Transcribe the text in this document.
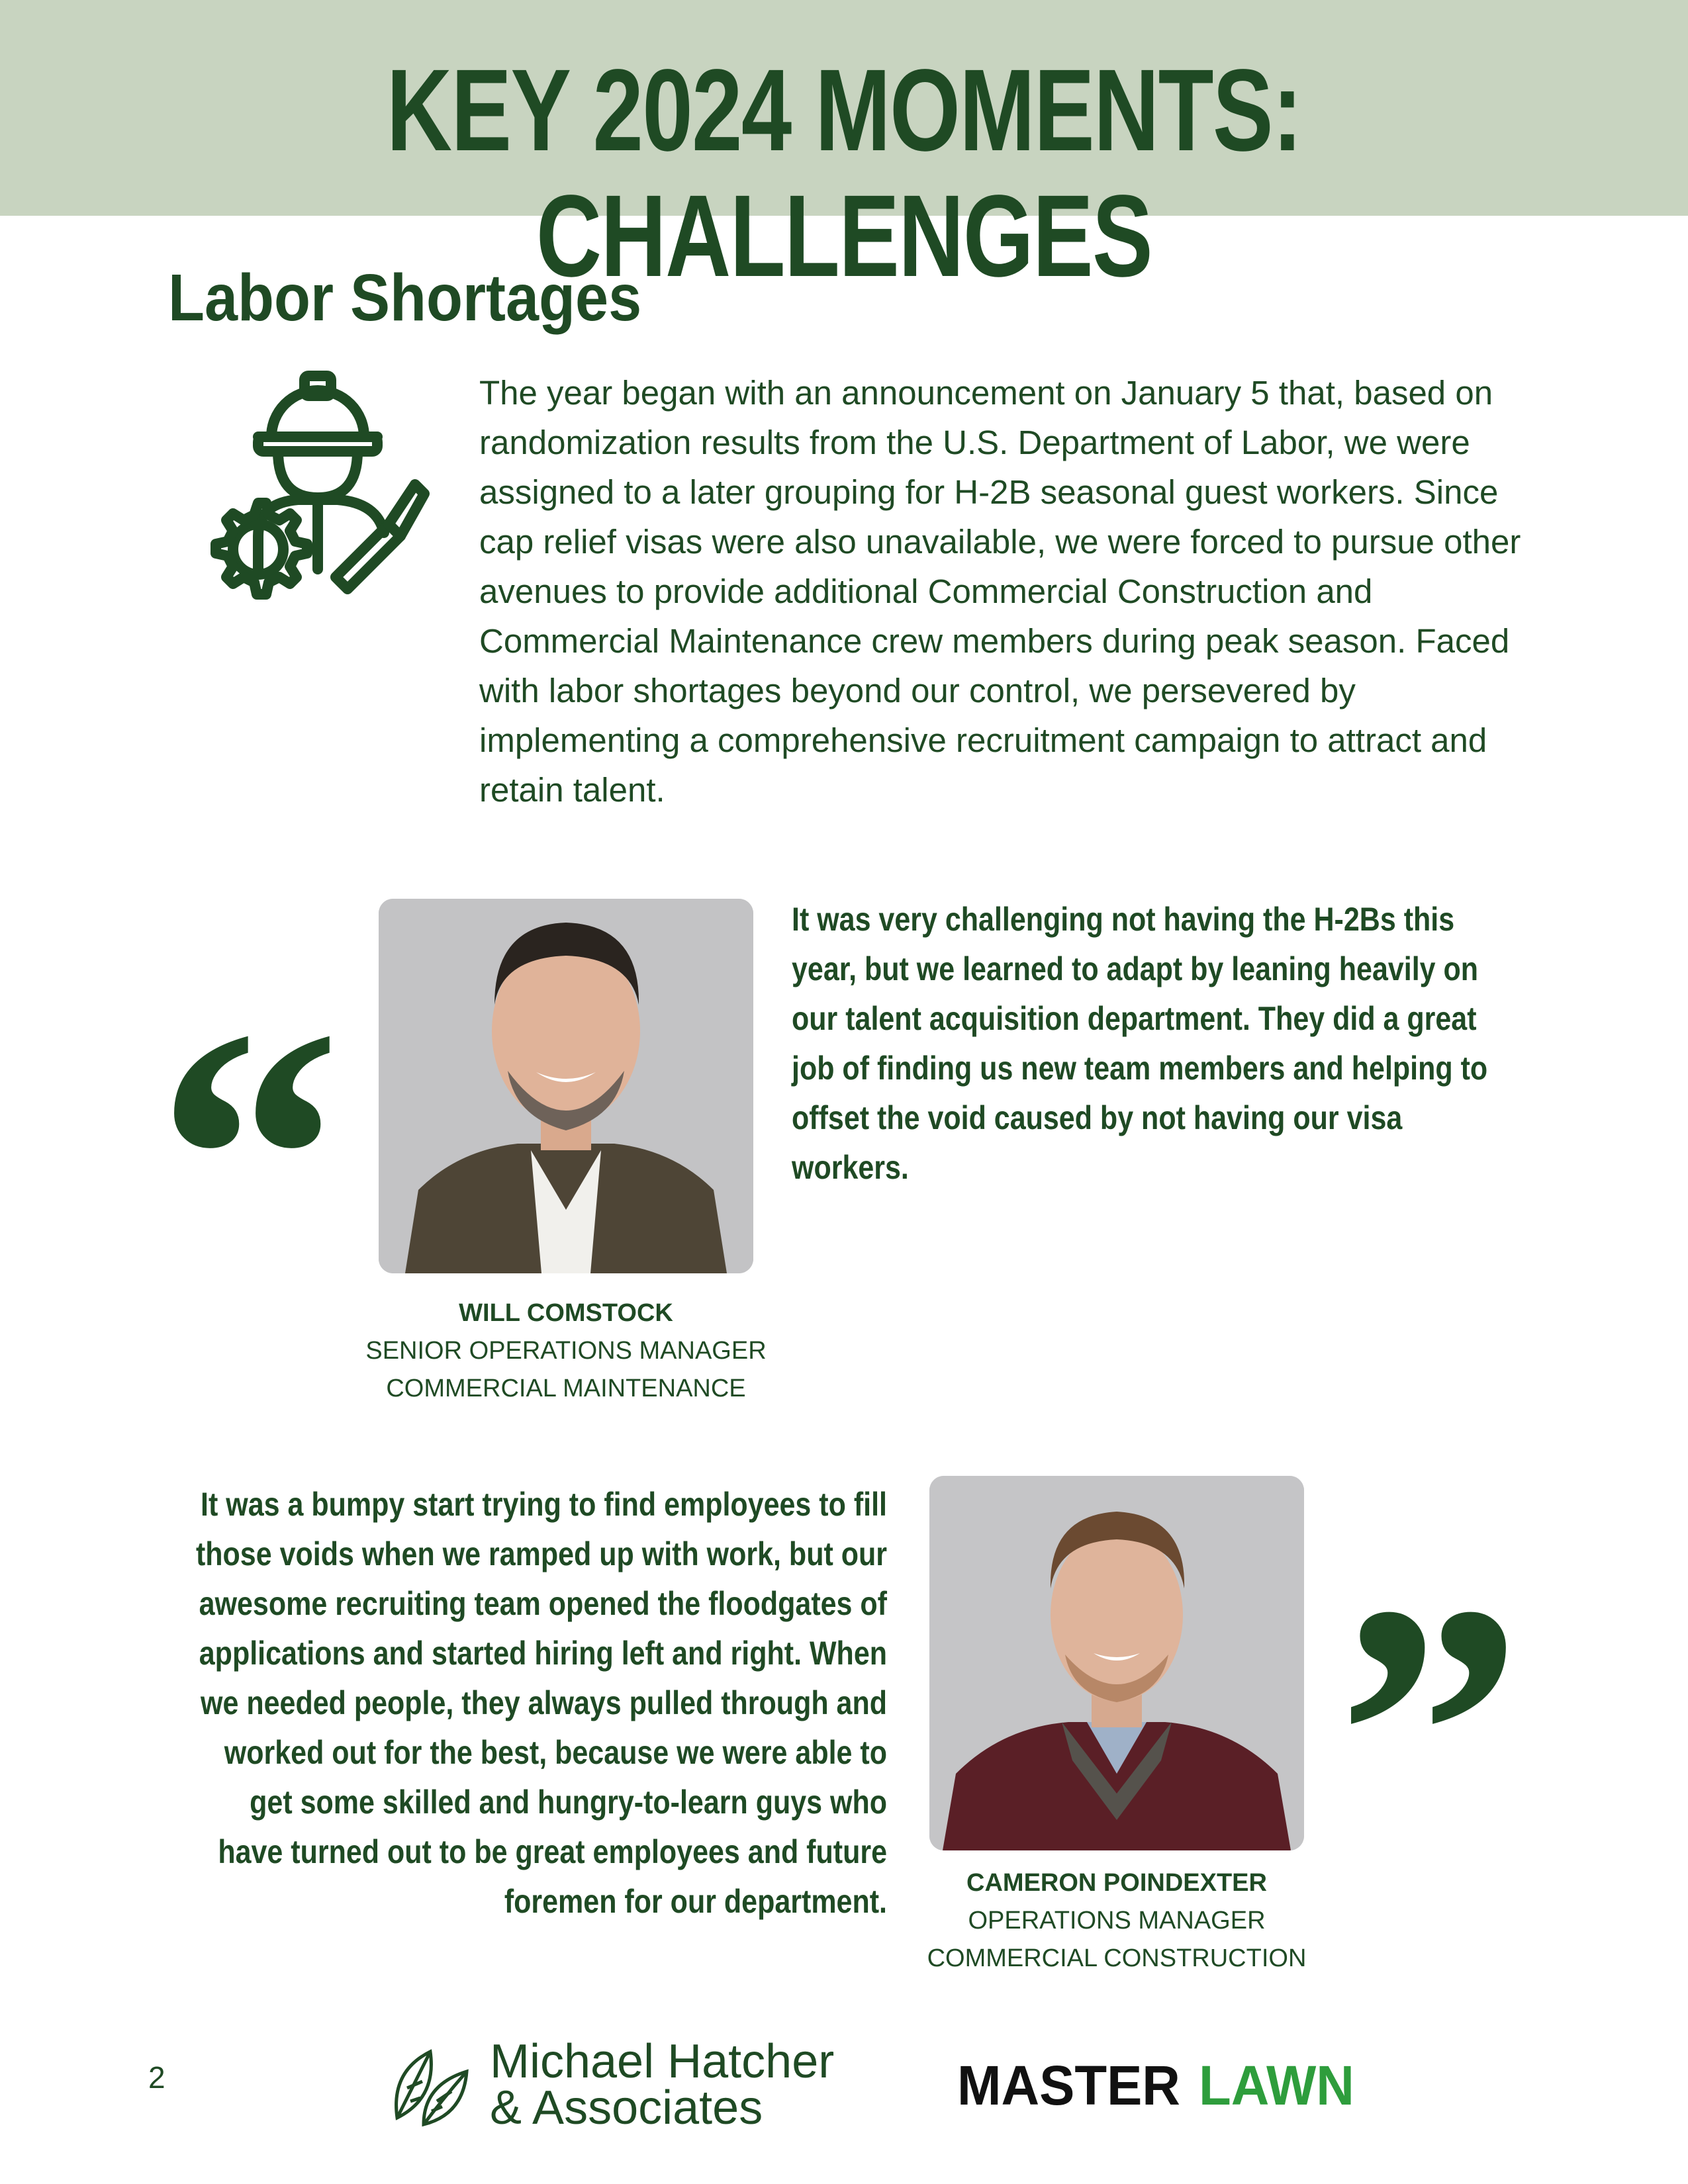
KEY 2024 MOMENTS: CHALLENGES
Labor Shortages

The year began with an announcement on January 5 that, based on randomization results from the U.S. Department of Labor, we were assigned to a later grouping for H-2B seasonal guest workers. Since cap relief visas were also unavailable, we were forced to pursue other avenues to provide additional Commercial Construction and Commercial Maintenance crew members during peak season. Faced with labor shortages beyond our control, we persevered by implementing a comprehensive recruitment campaign to attract and retain talent.

“
It was very challenging not having the H-2Bs this year, but we learned to adapt by leaning heavily on our talent acquisition department. They did a great job of finding us new team members and helping to offset the void caused by not having our visa workers.
WILL COMSTOCK
SENIOR OPERATIONS MANAGER
COMMERCIAL MAINTENANCE
It was a bumpy start trying to find employees to fill those voids when we ramped up with work, but our awesome recruiting team opened the floodgates of applications and started hiring left and right. When we needed people, they always pulled through and worked out for the best, because we were able to get some skilled and hungry-to-learn guys who have turned out to be great employees and future foremen for our department. ”
CAMERON POINDEXTER
OPERATIONS MANAGER
COMMERCIAL CONSTRUCTION
2	Michael Hatcher
& Associates	MASTER LAWN
